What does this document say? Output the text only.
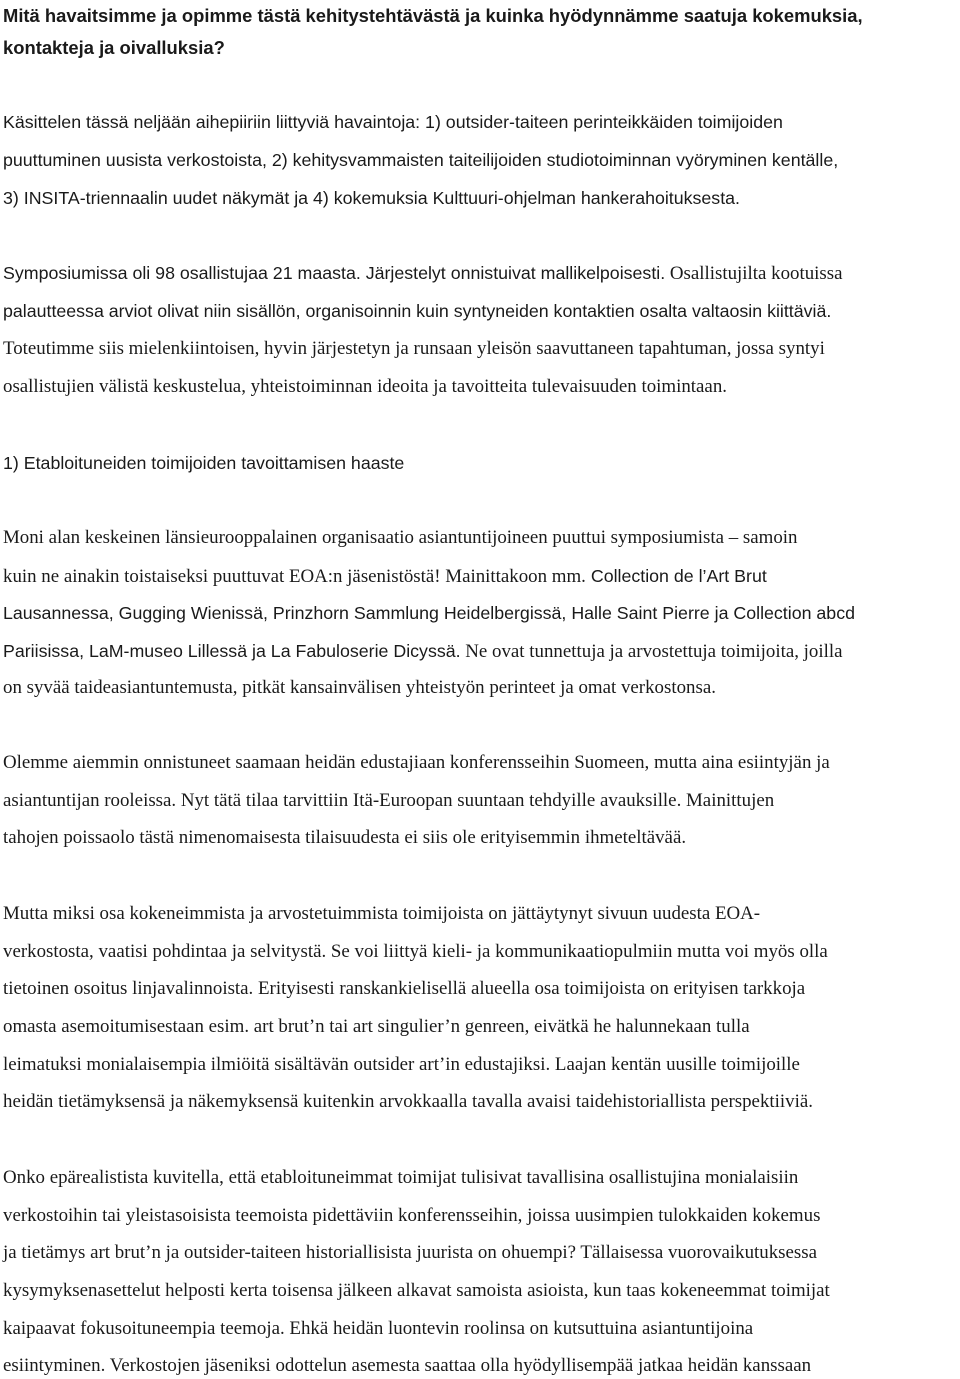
Mitä havaitsimme ja opimme tästä kehitystehtävästä ja kuinka hyödynnämme saatuja kokemuksia,
kontakteja ja oivalluksia?
Käsittelen tässä neljään aihepiiriin liittyviä havaintoja: 1) outsider-taiteen perinteikkäiden toimijoiden
puuttuminen uusista verkostoista, 2) kehitysvammaisten taiteilijoiden studiotoiminnan vyöryminen kentälle,
3) INSITA-triennaalin uudet näkymät ja 4) kokemuksia Kulttuuri-ohjelman hankerahoituksesta.
Symposiumissa oli 98 osallistujaa 21 maasta. Järjestelyt onnistuivat mallikelpoisesti. Osallistujilta kootuissa
palautteessa arviot olivat niin sisällön, organisoinnin kuin syntyneiden kontaktien osalta valtaosin kiittäviä.
Toteutimme siis mielenkiintoisen, hyvin järjestetyn ja runsaan yleisön saavuttaneen tapahtuman, jossa syntyi
osallistujien välistä keskustelua, yhteistoiminnan ideoita ja tavoitteita tulevaisuuden toimintaan.
1) Etabloituneiden toimijoiden tavoittamisen haaste
Moni alan keskeinen länsieurooppalainen organisaatio asiantuntijoineen puuttui symposiumista – samoin
kuin ne ainakin toistaiseksi puuttuvat EOA:n jäsenistöstä! Mainittakoon mm. Collection de l’Art Brut
Lausannessa, Gugging Wienissä, Prinzhorn Sammlung Heidelbergissä, Halle Saint Pierre ja Collection abcd
Pariisissa, LaM-museo Lillessä ja La Fabuloserie Dicyssä. Ne ovat tunnettuja ja arvostettuja toimijoita, joilla
on syvää taideasiantuntemusta, pitkät kansainvälisen yhteistyön perinteet ja omat verkostonsa.
Olemme aiemmin onnistuneet saamaan heidän edustajiaan konferensseihin Suomeen, mutta aina esiintyjän ja
asiantuntijan rooleissa. Nyt tätä tilaa tarvittiin Itä-Euroopan suuntaan tehdyille avauksille. Mainittujen
tahojen poissaolo tästä nimenomaisesta tilaisuudesta ei siis ole erityisemmin ihmeteltävää.
Mutta miksi osa kokeneimmista ja arvostetuimmista toimijoista on jättäytynyt sivuun uudesta EOA-
verkostosta, vaatisi pohdintaa ja selvitystä. Se voi liittyä kieli- ja kommunikaatiopulmiin mutta voi myös olla
tietoinen osoitus linjavalinnoista. Erityisesti ranskankielisellä alueella osa toimijoista on erityisen tarkkoja
omasta asemoitumisestaan esim. art brut’n tai art singulier’n genreen, eivätkä he halunnekaan tulla
leimatuksi monialaisempia ilmiöitä sisältävän outsider art’in edustajiksi. Laajan kentän uusille toimijoille
heidän tietämyksensä ja näkemyksensä kuitenkin arvokkaalla tavalla avaisi taidehistoriallista perspektiiviä.
Onko epärealistista kuvitella, että etabloituneimmat toimijat tulisivat tavallisina osallistujina monialaisiin
verkostoihin tai yleistasoisista teemoista pidettäviin konferensseihin, joissa uusimpien tulokkaiden kokemus
ja tietämys art brut’n ja outsider-taiteen historiallisista juurista on ohuempi? Tällaisessa vuorovaikutuksessa
kysymyksenasettelut helposti kerta toisensa jälkeen alkavat samoista asioista, kun taas kokeneemmat toimijat
kaipaavat fokusoituneempia teemoja. Ehkä heidän luontevin roolinsa on kutsuttuina asiantuntijoina
esiintyminen. Verkostojen jäseniksi odottelun asemesta saattaa olla hyödyllisempää jatkaa heidän kanssaan
